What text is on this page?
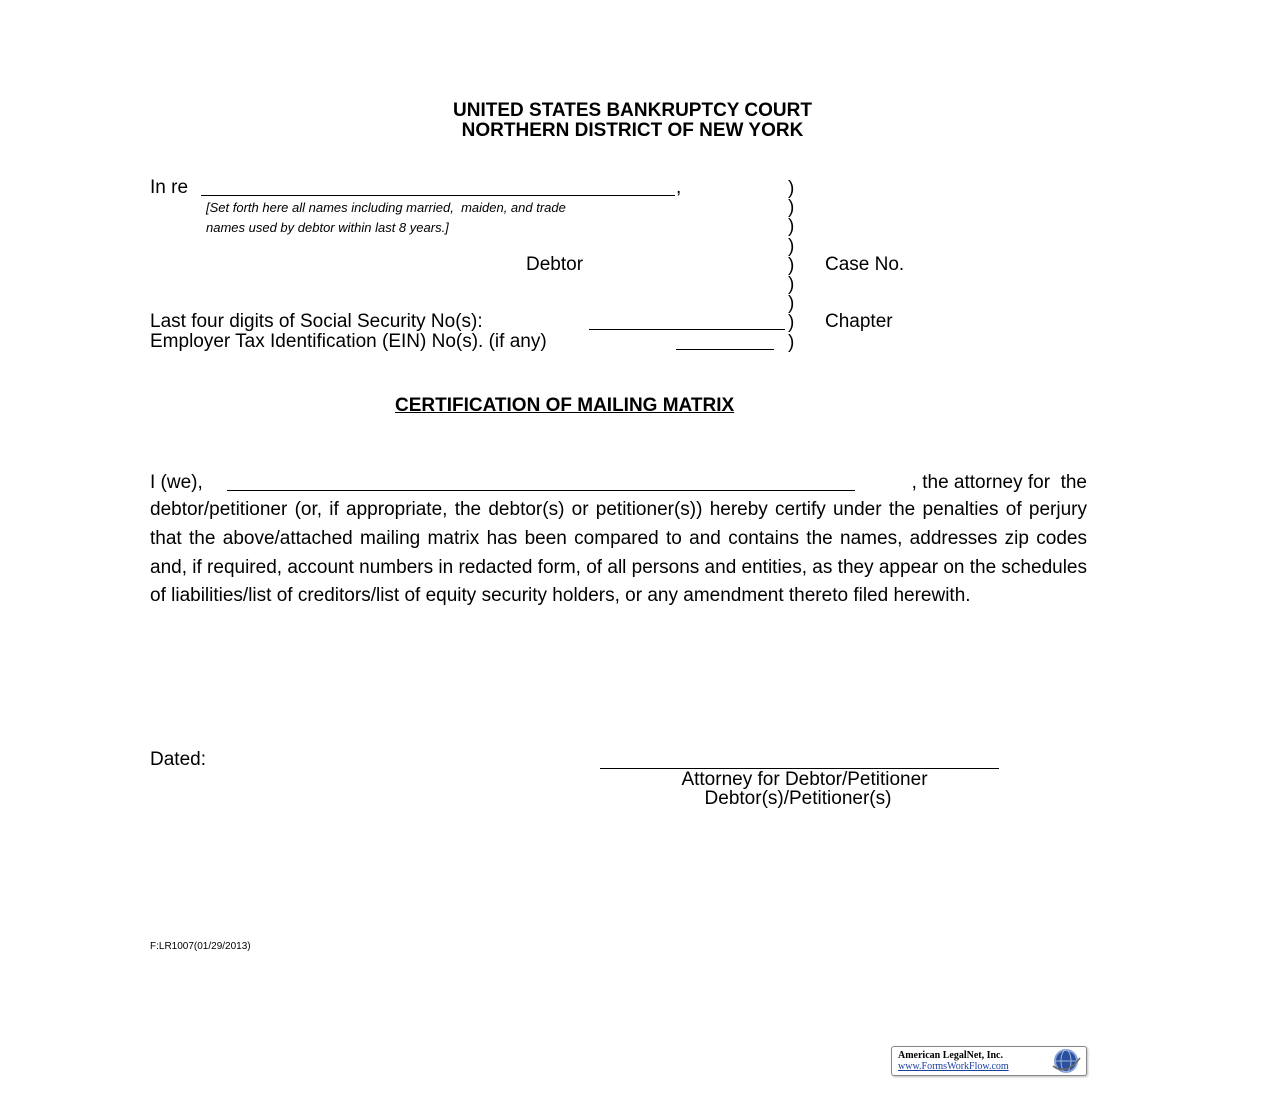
UNITED STATES BANKRUPTCY COURT
NORTHERN DISTRICT OF NEW YORK
In re	,
[Set forth here all names including married,  maiden, and trade
names used by debtor within last 8 years.]
Debtor	Case No.
Last four digits of Social Security No(s):	Chapter
Employer Tax Identification (EIN) No(s). (if any)
)
)
)
)
)
)
)
)
)
CERTIFICATION OF MAILING MATRIX
I (we),	, the attorney for  the
debtor/petitioner (or, if appropriate, the debtor(s) or petitioner(s)) hereby certify under the penalties of perjury that the above/attached mailing matrix has been compared to and contains the names, addresses zip codes and, if required, account numbers in redacted form, of all persons and entities, as they appear on the schedules of liabilities/list of creditors/list of equity security holders, or any amendment thereto filed herewith.
Dated:
Attorney for Debtor/Petitioner
Debtor(s)/Petitioner(s)
F:LR1007(01/29/2013)
American LegalNet, Inc.
www.FormsWorkFlow.com
